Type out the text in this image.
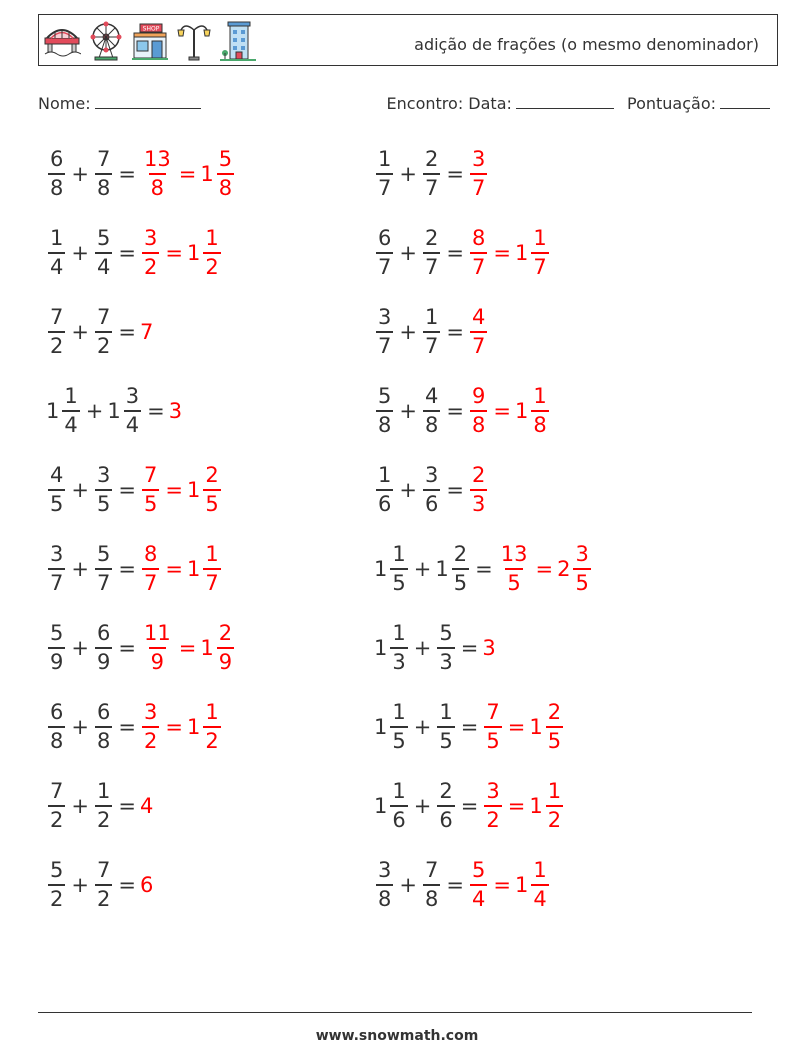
SHOP
adição de frações (o mesmo denominador)
Nome:	Encontro: Data:	Pontuação:
$\frac{6}{8} + \frac{7}{8} = \frac{13}{8} = 1 \frac{5}{8}$	$\frac{1}{7} + \frac{2}{7} = \frac{3}{7}$
$\frac{1}{4} + \frac{5}{4} = \frac{3}{2} = 1 \frac{1}{2}$	$\frac{6}{7} + \frac{2}{7} = \frac{8}{7} = 1 \frac{1}{7}$
$\frac{7}{2} + \frac{7}{2} = 7$	$\frac{3}{7} + \frac{1}{7} = \frac{4}{7}$
$1 \frac{1}{4} + 1 \frac{3}{4} = 3$	$\frac{5}{8} + \frac{4}{8} = \frac{9}{8} = 1 \frac{1}{8}$
$\frac{4}{5} + \frac{3}{5} = \frac{7}{5} = 1 \frac{2}{5}$	$\frac{1}{6} + \frac{3}{6} = \frac{2}{3}$
$\frac{3}{7} + \frac{5}{7} = \frac{8}{7} = 1 \frac{1}{7}$	$1 \frac{1}{5} + 1 \frac{2}{5} = \frac{13}{5} = 2 \frac{3}{5}$
$\frac{5}{9} + \frac{6}{9} = \frac{11}{9} = 1 \frac{2}{9}$	$1 \frac{1}{3} + \frac{5}{3} = 3$
$\frac{6}{8} + \frac{6}{8} = \frac{3}{2} = 1 \frac{1}{2}$	$1 \frac{1}{5} + \frac{1}{5} = \frac{7}{5} = 1 \frac{2}{5}$
$\frac{7}{2} + \frac{1}{2} = 4$	$1 \frac{1}{6} + \frac{2}{6} = \frac{3}{2} = 1 \frac{1}{2}$
$\frac{5}{2} + \frac{7}{2} = 6$	$\frac{3}{8} + \frac{7}{8} = \frac{5}{4} = 1 \frac{1}{4}$
www.snowmath.com
